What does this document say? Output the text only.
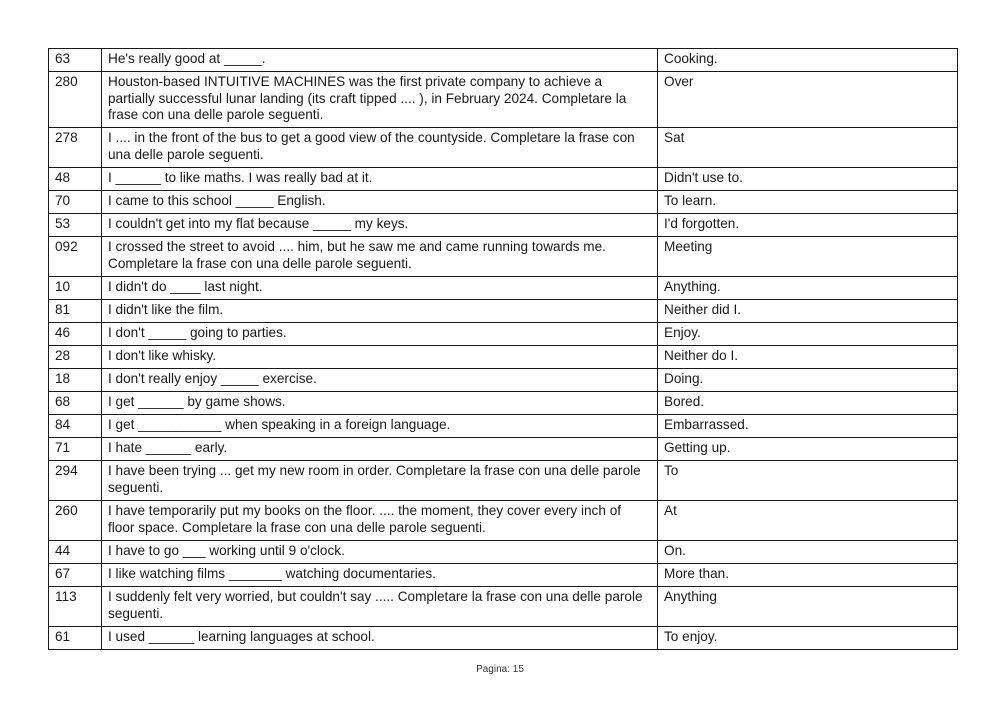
63	He's really good at _____.	Cooking.
280	Houston-based INTUITIVE MACHINES was the first private company to achieve a partially successful lunar landing (its craft tipped .... ), in February 2024. Completare la frase con una delle parole seguenti.	Over
278	I .... in the front of the bus to get a good view of the countyside. Completare la frase con una delle parole seguenti.	Sat
48	I ______ to like maths. I was really bad at it.	Didn't use to.
70	I came to this school _____ English.	To learn.
53	I couldn't get into my flat because _____ my keys.	I'd forgotten.
092	I crossed the street to avoid .... him, but he saw me and came running towards me. Completare la frase con una delle parole seguenti.	Meeting
10	I didn't do ____ last night.	Anything.
81	I didn't like the film.	Neither did I.
46	I don't _____ going to parties.	Enjoy.
28	I don't like whisky.	Neither do I.
18	I don't really enjoy _____ exercise.	Doing.
68	I get ______ by game shows.	Bored.
84	I get ___________ when speaking in a foreign language.	Embarrassed.
71	I hate ______ early.	Getting up.
294	I have been trying ... get my new room in order. Completare la frase con una delle parole seguenti.	To
260	I have temporarily put my books on the floor. .... the moment, they cover every inch of floor space. Completare la frase con una delle parole seguenti.	At
44	I have to go ___ working until 9 o'clock.	On.
67	I like watching films _______ watching documentaries.	More than.
113	I suddenly felt very worried, but couldn't say ..... Completare la frase con una delle parole seguenti.	Anything
61	I used ______ learning languages at school.	To enjoy.
Pagina: 15
